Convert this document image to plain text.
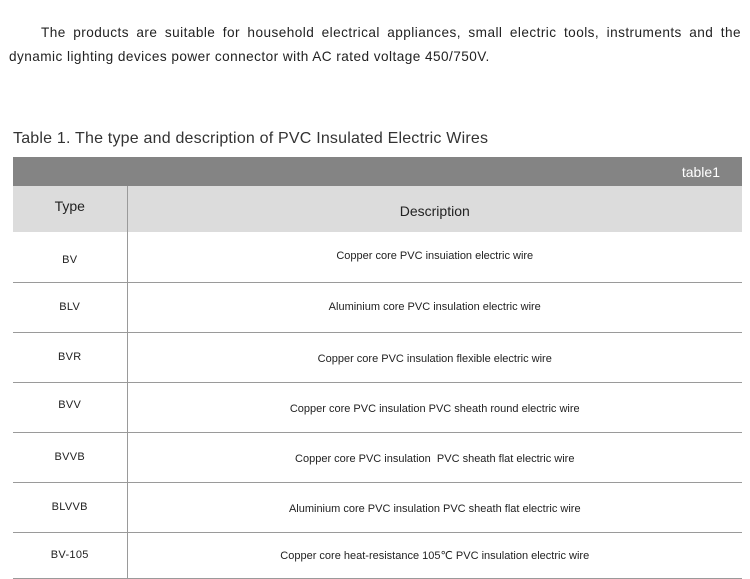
The products are suitable for household electrical appliances, small electric tools, instruments and the dynamic lighting devices power connector with AC rated voltage 450/750V.

Table 1. The type and description of PVC Insulated Electric Wires
table1
Type	Description
BV	Copper core PVC insuiation electric wire
BLV	Aluminium core PVC insulation electric wire
BVR	Copper core PVC insulation flexible electric wire
BVV	Copper core PVC insulation PVC sheath round electric wire
BVVB	Copper core PVC insulation  PVC sheath flat electric wire
BLVVB	Aluminium core PVC insulation PVC sheath flat electric wire
BV-105	Copper core heat-resistance 105℃ PVC insulation electric wire
